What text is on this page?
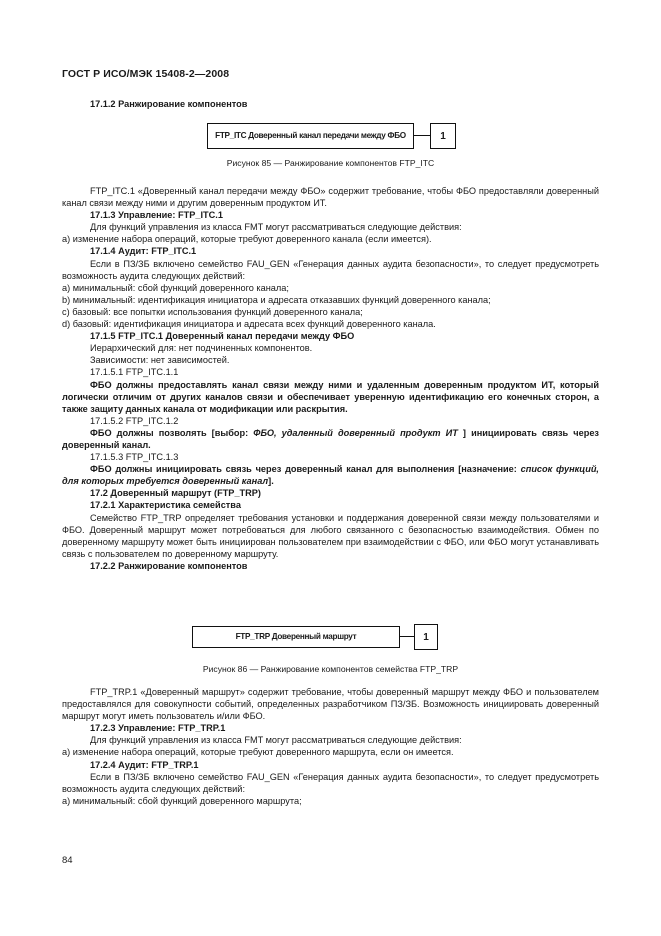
ГОСТ Р ИСО/МЭК 15408-2—2008

17.1.2 Ранжирование компонентов

FTP_ITC Доверенный канал передачи между ФБО	1
Рисунок 85 — Ранжирование компонентов FTP_ITC

FTP_ITC.1 «Доверенный канал передачи между ФБО» содержит требование, чтобы ФБО предоставляли доверенный канал связи между ними и другим доверенным продуктом ИТ.

17.1.3 Управление: FTP_ITC.1

Для функций управления из класса FMT могут рассматриваться следующие действия:

а) изменение набора операций, которые требуют доверенного канала (если имеется).

17.1.4 Аудит: FTP_ITC.1

Если в ПЗ/ЗБ включено семейство FAU_GEN «Генерация данных аудита безопасности», то следует предусмотреть возможность аудита следующих действий:

а) минимальный: сбой функций доверенного канала;

b) минимальный: идентификация инициатора и адресата отказавших функций доверенного канала;

с) базовый: все попытки использования функций доверенного канала;

d) базовый: идентификация инициатора и адресата всех функций доверенного канала.

17.1.5 FTP_ITC.1 Доверенный канал передачи между ФБО

Иерархический для: нет подчиненных компонентов.

Зависимости: нет зависимостей.

17.1.5.1 FTP_ITC.1.1

ФБО должны предоставлять канал связи между ними и удаленным доверенным продуктом ИТ, который логически отличим от других каналов связи и обеспечивает уверенную идентификацию его конечных сторон, а также защиту данных канала от модификации или раскрытия.

17.1.5.2 FTP_ITC.1.2

ФБО должны позволять [выбор: ФБО, удаленный доверенный продукт ИТ ] инициировать связь через доверенный канал.

17.1.5.3 FTP_ITC.1.3

ФБО должны инициировать связь через доверенный канал для выполнения [назначение: список функций, для которых требуется доверенный канал].

17.2 Доверенный маршрут (FTP_TRP)

17.2.1 Характеристика семейства

Семейство FTP_TRP определяет требования установки и поддержания доверенной связи между пользователями и ФБО. Доверенный маршрут может потребоваться для любого связанного с безопасностью взаимодействия. Обмен по доверенному маршруту может быть инициирован пользователем при взаимодействии с ФБО, или ФБО могут устанавливать связь с пользователем по доверенному маршруту.

17.2.2 Ранжирование компонентов

FTP_TRP Доверенный маршрут	1
Рисунок 86 — Ранжирование компонентов семейства FTP_TRP

FTP_TRP.1 «Доверенный маршрут» содержит требование, чтобы доверенный маршрут между ФБО и пользователем предоставлялся для совокупности событий, определенных разработчиком ПЗ/ЗБ. Возможность инициировать доверенный маршрут могут иметь пользователь и/или ФБО.

17.2.3 Управление: FTP_TRP.1

Для функций управления из класса FMT могут рассматриваться следующие действия:

а) изменение набора операций, которые требуют доверенного маршрута, если он имеется.

17.2.4 Аудит: FTP_TRP.1

Если в ПЗ/ЗБ включено семейство FAU_GEN «Генерация данных аудита безопасности», то следует предусмотреть возможность аудита следующих действий:

а) минимальный: сбой функций доверенного маршрута;

84
